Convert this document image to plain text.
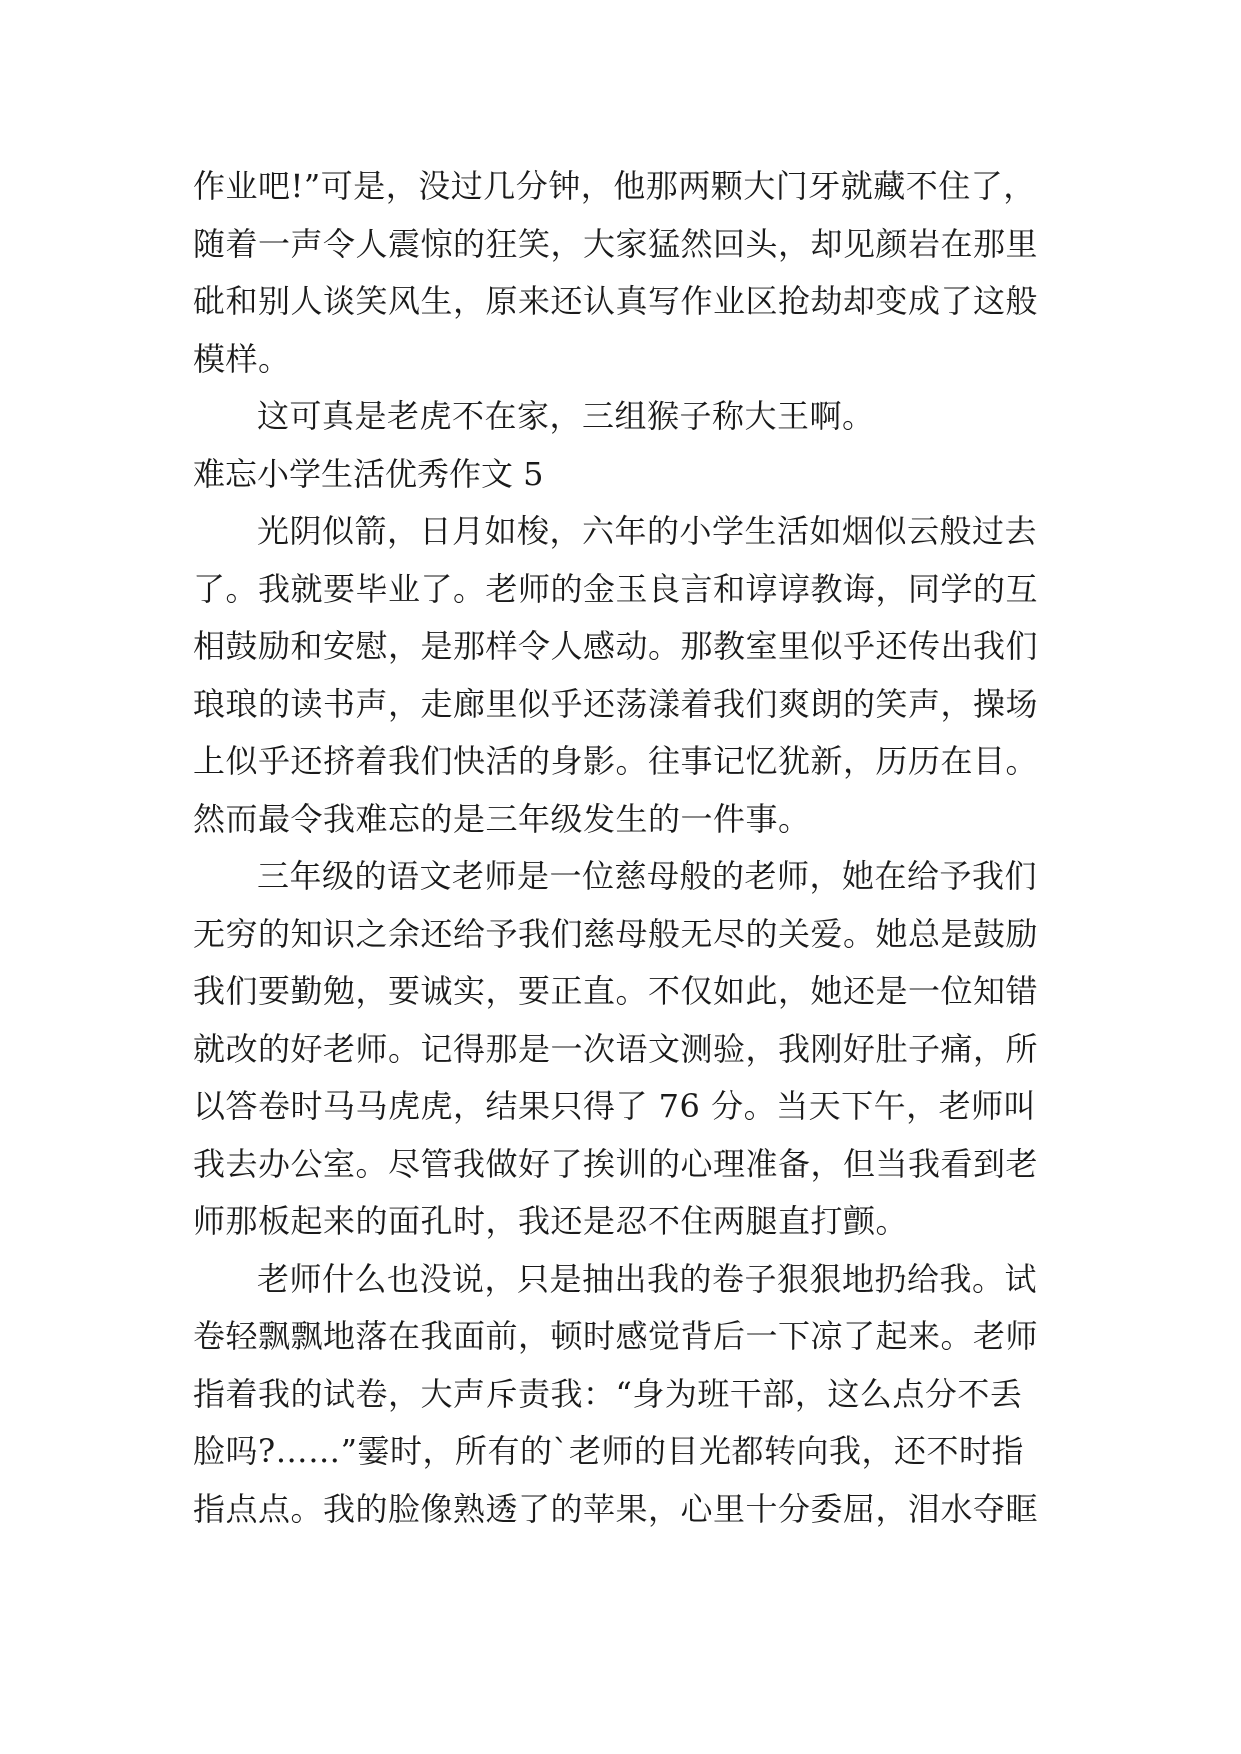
作业吧!”可是，没过几分钟，他那两颗大门牙就藏不住了，
随着一声令人震惊的狂笑，大家猛然回头，却见颜岩在那里
砒和别人谈笑风生，原来还认真写作业区抢劫却变成了这般
模样。
这可真是老虎不在家，三组猴子称大王啊。
难忘小学生活优秀作文 5
光阴似箭，日月如梭，六年的小学生活如烟似云般过去
了。我就要毕业了。老师的金玉良言和谆谆教诲，同学的互
相鼓励和安慰，是那样令人感动。那教室里似乎还传出我们
琅琅的读书声，走廊里似乎还荡漾着我们爽朗的笑声，操场
上似乎还挤着我们快活的身影。往事记忆犹新，历历在目。
然而最令我难忘的是三年级发生的一件事。
三年级的语文老师是一位慈母般的老师，她在给予我们
无穷的知识之余还给予我们慈母般无尽的关爱。她总是鼓励
我们要勤勉，要诚实，要正直。不仅如此，她还是一位知错
就改的好老师。记得那是一次语文测验，我刚好肚子痛，所
以答卷时马马虎虎，结果只得了 76 分。当天下午，老师叫
我去办公室。尽管我做好了挨训的心理准备，但当我看到老
师那板起来的面孔时，我还是忍不住两腿直打颤。
老师什么也没说，只是抽出我的卷子狠狠地扔给我。试
卷轻飘飘地落在我面前，顿时感觉背后一下凉了起来。老师
指着我的试卷，大声斥责我：“身为班干部，这么点分不丢
脸吗?……”霎时，所有的`老师的目光都转向我，还不时指
指点点。我的脸像熟透了的苹果，心里十分委屈，泪水夺眶
